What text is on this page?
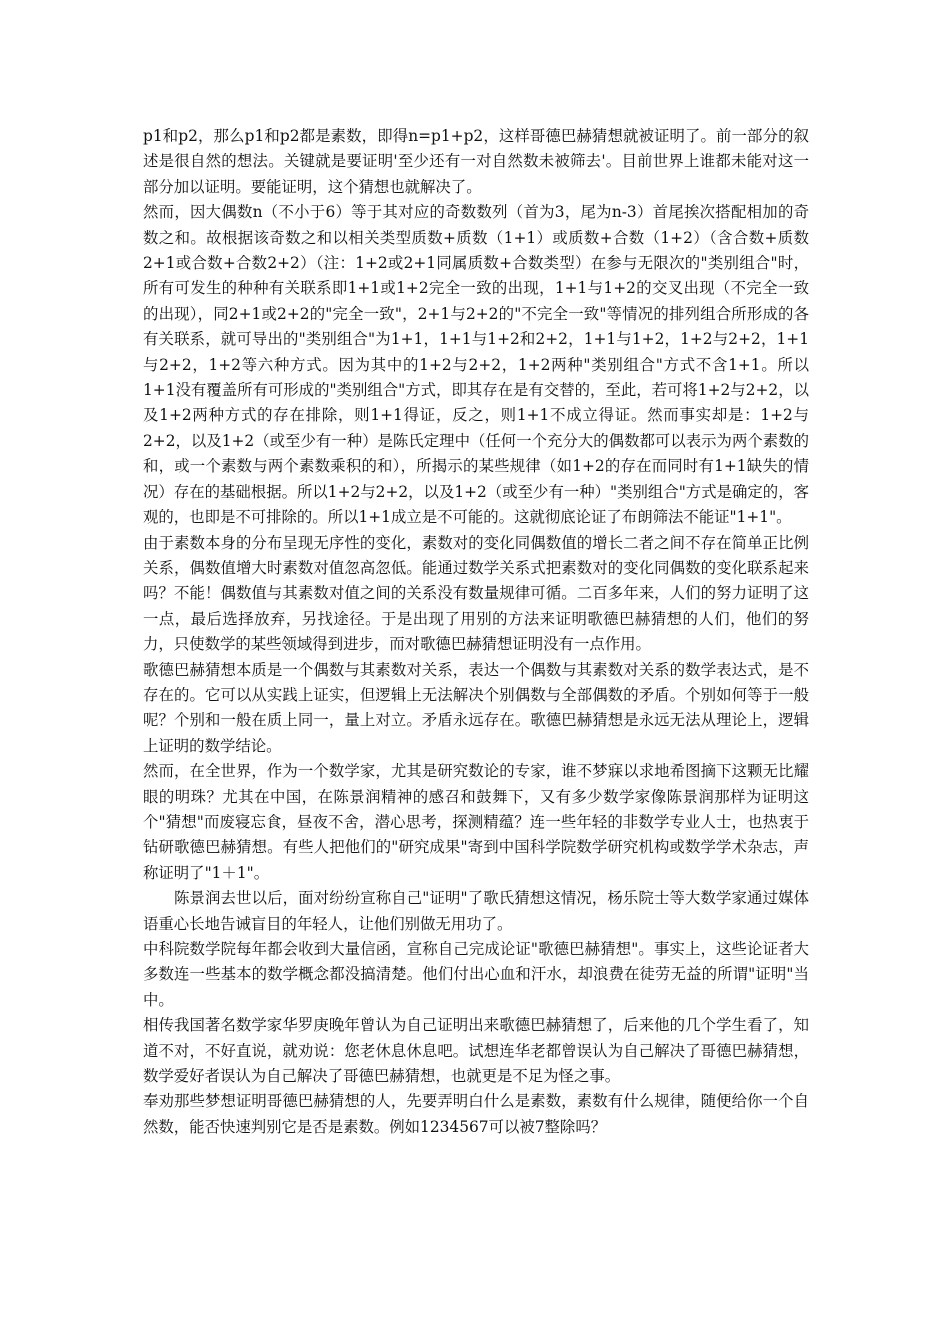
p1和p2，那么p1和p2都是素数，即得n=p1+p2，这样哥德巴赫猜想就被证明了。前一部分的叙述是很自然的想法。关键就是要证明'至少还有一对自然数未被筛去'。目前世界上谁都未能对这一部分加以证明。要能证明，这个猜想也就解决了。

然而，因大偶数n（不小于6）等于其对应的奇数数列（首为3，尾为n-3）首尾挨次搭配相加的奇数之和。故根据该奇数之和以相关类型质数+质数（1+1）或质数+合数（1+2）（含合数+质数2+1或合数+合数2+2）（注：1+2或2+1同属质数+合数类型）在参与无限次的"类别组合"时，所有可发生的种种有关联系即1+1或1+2完全一致的出现，1+1与1+2的交叉出现（不完全一致的出现），同2+1或2+2的"完全一致"，2+1与2+2的"不完全一致"等情况的排列组合所形成的各有关联系，就可导出的"类别组合"为1+1，1+1与1+2和2+2，1+1与1+2，1+2与2+2，1+1与2+2，1+2等六种方式。因为其中的1+2与2+2，1+2两种"类别组合"方式不含1+1。所以1+1没有覆盖所有可形成的"类别组合"方式，即其存在是有交替的，至此，若可将1+2与2+2，以及1+2两种方式的存在排除，则1+1得证，反之，则1+1不成立得证。然而事实却是：1+2与2+2，以及1+2（或至少有一种）是陈氏定理中（任何一个充分大的偶数都可以表示为两个素数的和，或一个素数与两个素数乘积的和），所揭示的某些规律（如1+2的存在而同时有1+1缺失的情况）存在的基础根据。所以1+2与2+2，以及1+2（或至少有一种）"类别组合"方式是确定的，客观的，也即是不可排除的。所以1+1成立是不可能的。这就彻底论证了布朗筛法不能证"1+1"。

由于素数本身的分布呈现无序性的变化，素数对的变化同偶数值的增长二者之间不存在简单正比例关系，偶数值增大时素数对值忽高忽低。能通过数学关系式把素数对的变化同偶数的变化联系起来吗？不能！偶数值与其素数对值之间的关系没有数量规律可循。二百多年来，人们的努力证明了这一点，最后选择放弃，另找途径。于是出现了用别的方法来证明歌德巴赫猜想的人们，他们的努力，只使数学的某些领域得到进步，而对歌德巴赫猜想证明没有一点作用。

歌德巴赫猜想本质是一个偶数与其素数对关系，表达一个偶数与其素数对关系的数学表达式，是不存在的。它可以从实践上证实，但逻辑上无法解决个别偶数与全部偶数的矛盾。个别如何等于一般呢？个别和一般在质上同一，量上对立。矛盾永远存在。歌德巴赫猜想是永远无法从理论上，逻辑上证明的数学结论。

然而，在全世界，作为一个数学家，尤其是研究数论的专家，谁不梦寐以求地希图摘下这颗无比耀眼的明珠？尤其在中国，在陈景润精神的感召和鼓舞下，又有多少数学家像陈景润那样为证明这个"猜想"而废寝忘食，昼夜不舍，潜心思考，探测精蕴？连一些年轻的非数学专业人士，也热衷于钻研歌德巴赫猜想。有些人把他们的"研究成果"寄到中国科学院数学研究机构或数学学术杂志，声称证明了"1＋1"。

陈景润去世以后，面对纷纷宣称自己"证明"了歌氏猜想这情况，杨乐院士等大数学家通过媒体语重心长地告诫盲目的年轻人，让他们别做无用功了。

中科院数学院每年都会收到大量信函，宣称自己完成论证"歌德巴赫猜想"。事实上，这些论证者大多数连一些基本的数学概念都没搞清楚。他们付出心血和汗水，却浪费在徒劳无益的所谓"证明"当中。

相传我国著名数学家华罗庚晚年曾认为自己证明出来歌德巴赫猜想了，后来他的几个学生看了，知道不对，不好直说，就劝说：您老休息休息吧。试想连华老都曾误认为自己解决了哥德巴赫猜想，数学爱好者误认为自己解决了哥德巴赫猜想，也就更是不足为怪之事。

奉劝那些梦想证明哥德巴赫猜想的人，先要弄明白什么是素数，素数有什么规律，随便给你一个自然数，能否快速判别它是否是素数。例如1234567可以被7整除吗？
